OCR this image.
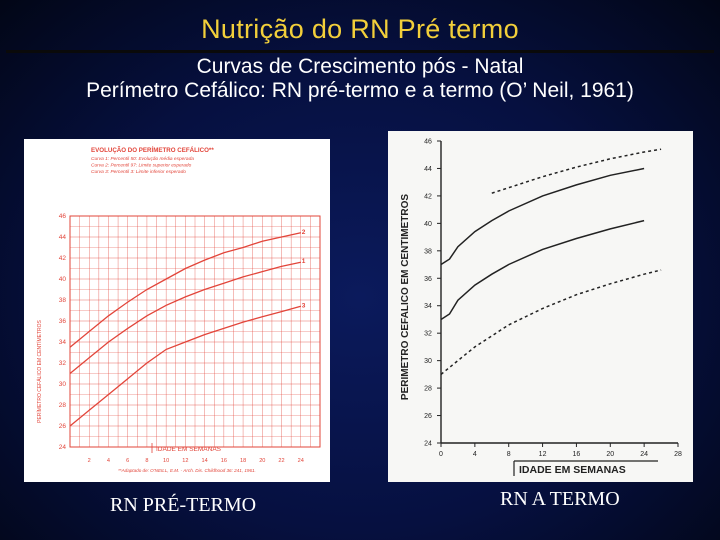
Nutrição do RN Pré termo
Curvas de Crescimento pós - Natal
Perímetro Cefálico: RN pré-termo e a termo (O’ Neil, 1961)
EVOLUÇÃO DO PERÍMETRO CEFÁLICO**
Curva 1: Percentil 50: Evolução média esperada
Curva 2: Percentil 97: Limite superior esperado
Curva 3: Percentil 3: Limite inferior esperado
24
26
28
30
32
34
36
38
40
42
44
46
PERÍMETRO CEFÁLICO EM CENTÍMETROS
IDADE EM SEMANAS
2	4	6	8	10 12 14 16 18 20 22 24
**Adaptado de: O'NEILL, E.M. - Arch. Dis. Childhood 36: 241, 1961.
2
1
3
24
26
28
30
32
34
36
38
40
42
44
46
0	4	8	12	16	20	24	28
PERIMETRO CEFALICO EM CENTIMETROS
IDADE EM SEMANAS
RN PRÉ-TERMO	RN A TERMO
